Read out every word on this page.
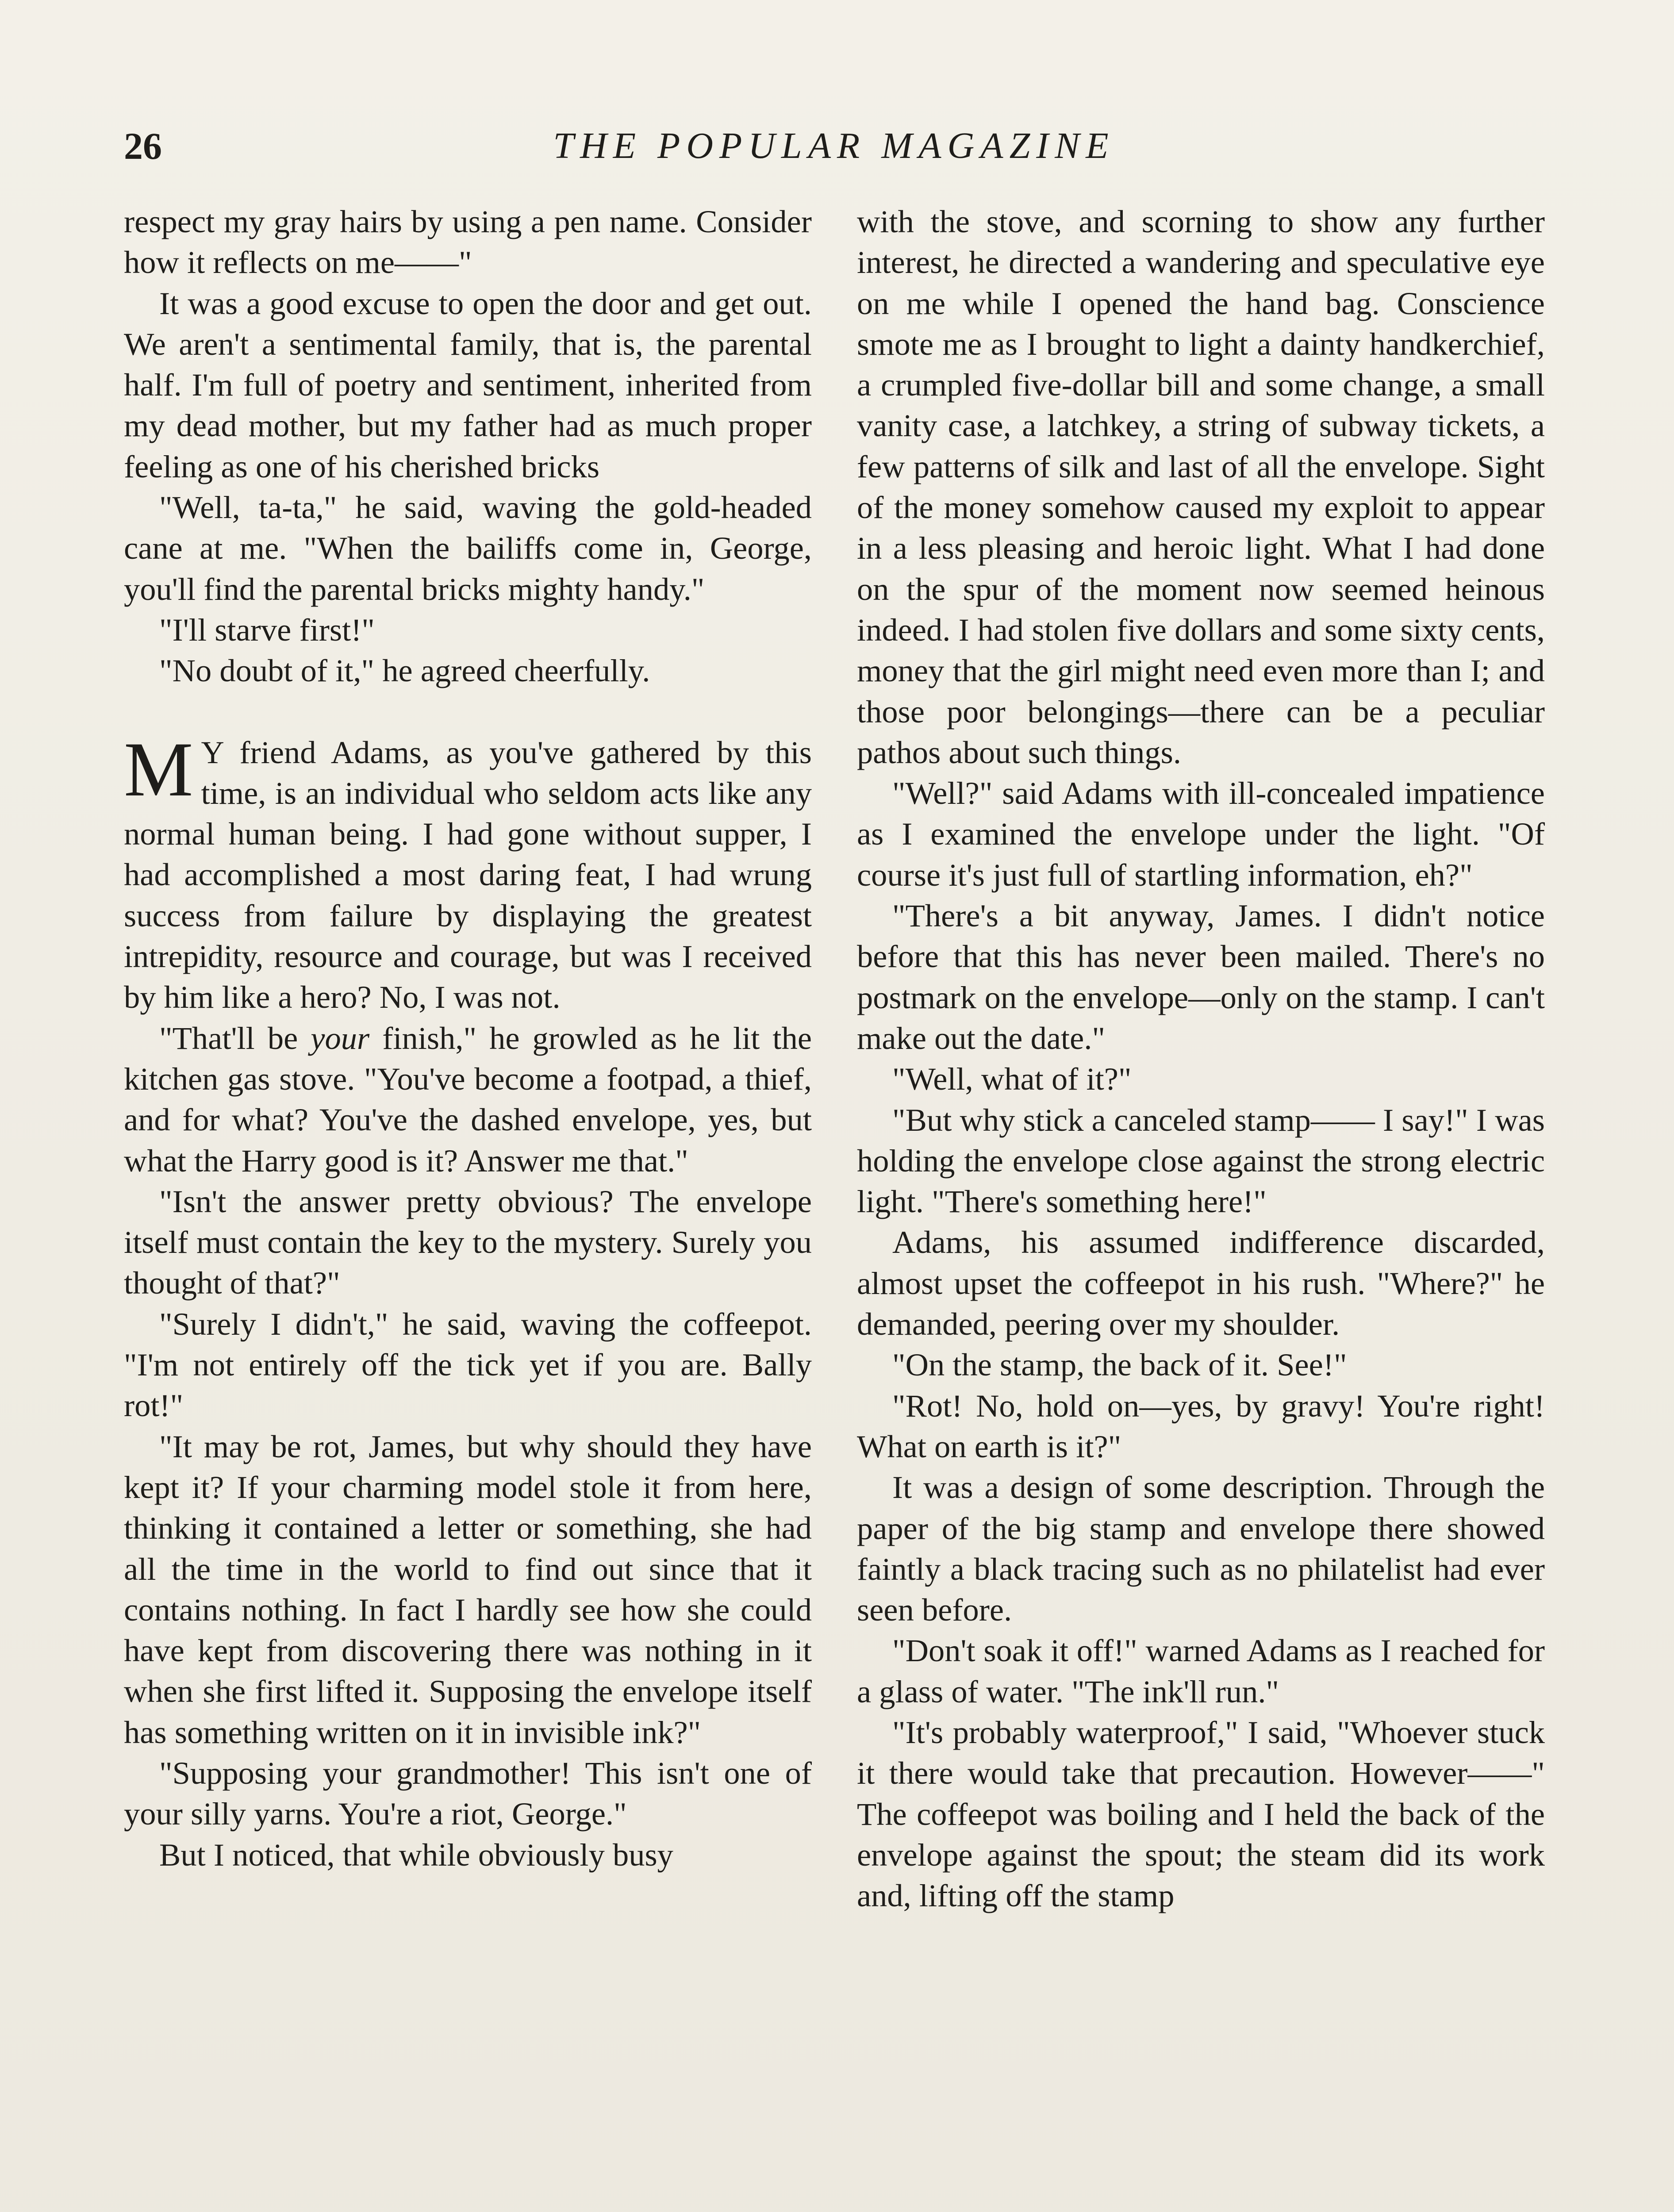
26	THE POPULAR MAGAZINE

respect my gray hairs by using a pen name. Consider how it reflects on me——"

It was a good excuse to open the door and get out. We aren't a sentimental family, that is, the parental half. I'm full of poetry and sentiment, inherited from my dead mother, but my father had as much proper feeling as one of his cherished bricks

"Well, ta-ta," he said, waving the gold-headed cane at me. "When the bailiffs come in, George, you'll find the parental bricks mighty handy."

"I'll starve first!"

"No doubt of it," he agreed cheerfully.

M Y friend Adams, as you've gathered by this time, is an individual who seldom acts like any normal human being. I had gone without supper, I had accomplished a most daring feat, I had wrung success from failure by displaying the greatest intrepidity, resource and courage, but was I received by him like a hero? No, I was not.

"That'll be your finish," he growled as he lit the kitchen gas stove. "You've become a footpad, a thief, and for what? You've the dashed envelope, yes, but what the Harry good is it? Answer me that."

"Isn't the answer pretty obvious? The envelope itself must contain the key to the mystery. Surely you thought of that?"

"Surely I didn't," he said, waving the coffeepot. "I'm not entirely off the tick yet if you are. Bally rot!"

"It may be rot, James, but why should they have kept it? If your charming model stole it from here, thinking it contained a letter or something, she had all the time in the world to find out since that it contains nothing. In fact I hardly see how she could have kept from discovering there was nothing in it when she first lifted it. Supposing the envelope itself has something written on it in invisible ink?"

"Supposing your grandmother! This isn't one of your silly yarns. You're a riot, George."

But I noticed, that while obviously busy

with the stove, and scorning to show any further interest, he directed a wandering and speculative eye on me while I opened the hand bag. Conscience smote me as I brought to light a dainty handkerchief, a crumpled five-dollar bill and some change, a small vanity case, a latchkey, a string of subway tickets, a few patterns of silk and last of all the envelope. Sight of the money somehow caused my exploit to appear in a less pleasing and heroic light. What I had done on the spur of the moment now seemed heinous indeed. I had stolen five dollars and some sixty cents, money that the girl might need even more than I; and those poor belongings—there can be a peculiar pathos about such things.

"Well?" said Adams with ill-concealed impatience as I examined the envelope under the light. "Of course it's just full of startling information, eh?"

"There's a bit anyway, James. I didn't notice before that this has never been mailed. There's no postmark on the envelope—only on the stamp. I can't make out the date."

"Well, what of it?"

"But why stick a canceled stamp—— I say!" I was holding the envelope close against the strong electric light. "There's something here!"

Adams, his assumed indifference discarded, almost upset the coffeepot in his rush. "Where?" he demanded, peering over my shoulder.

"On the stamp, the back of it. See!"

"Rot! No, hold on—yes, by gravy! You're right! What on earth is it?"

It was a design of some description. Through the paper of the big stamp and envelope there showed faintly a black tracing such as no philatelist had ever seen before.

"Don't soak it off!" warned Adams as I reached for a glass of water. "The ink'll run."

"It's probably waterproof," I said, "Whoever stuck it there would take that precaution. However——" The coffeepot was boiling and I held the back of the envelope against the spout; the steam did its work and, lifting off the stamp
